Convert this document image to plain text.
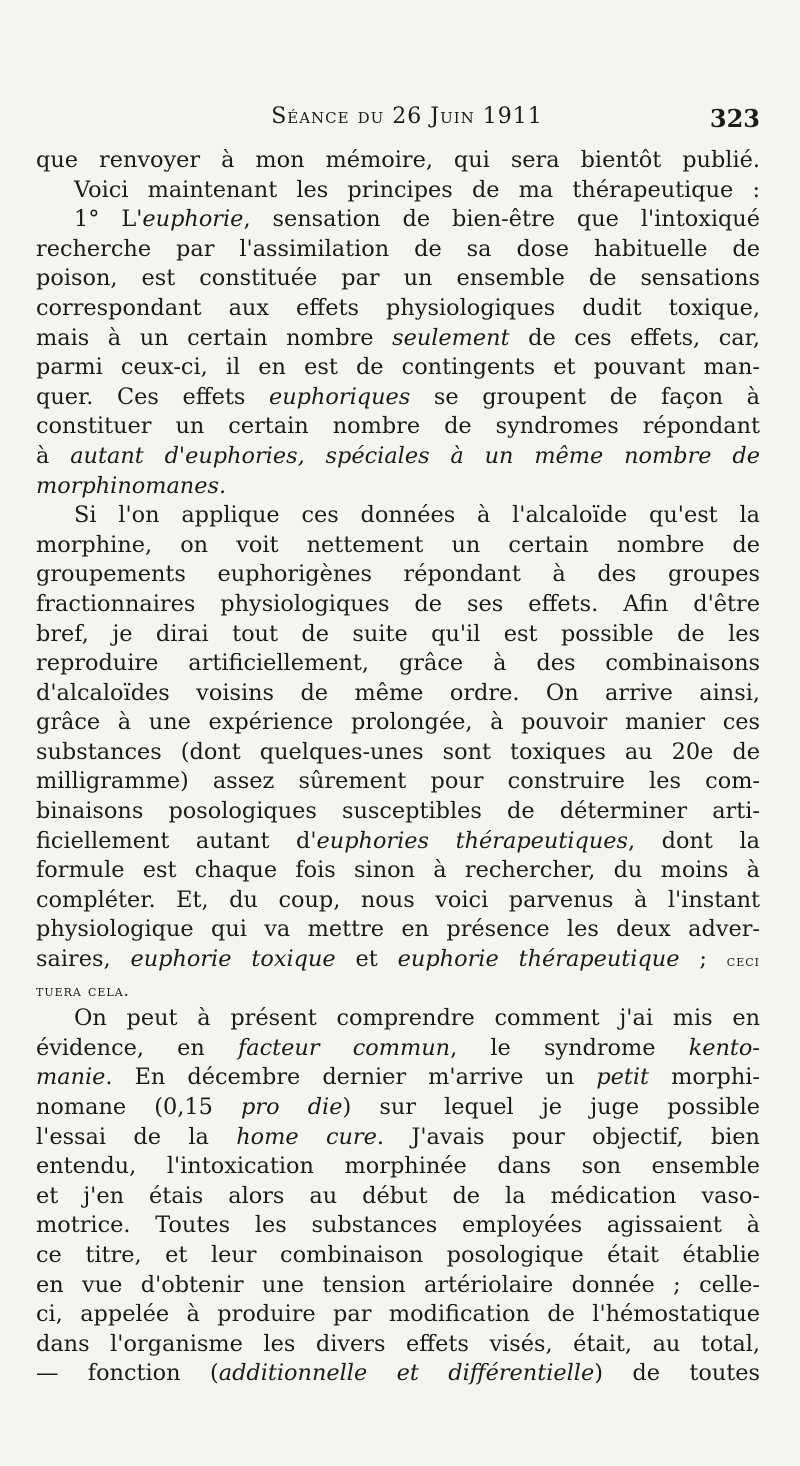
Séance du 26 Juin 1911	323
que renvoyer à mon mémoire, qui sera bientôt publié.
Voici maintenant les principes de ma thérapeutique :
1° L'euphorie, sensation de bien-être que l'intoxiqué
recherche par l'assimilation de sa dose habituelle de
poison, est constituée par un ensemble de sensations
correspondant aux effets physiologiques dudit toxique,
mais à un certain nombre seulement de ces effets, car,
parmi ceux-ci, il en est de contingents et pouvant man-
quer. Ces effets euphoriques se groupent de façon à
constituer un certain nombre de syndromes répondant
à autant d'euphories, spéciales à un même nombre de
morphinomanes.
Si l'on applique ces données à l'alcaloïde qu'est la
morphine, on voit nettement un certain nombre de
groupements euphorigènes répondant à des groupes
fractionnaires physiologiques de ses effets. Afin d'être
bref, je dirai tout de suite qu'il est possible de les
reproduire artificiellement, grâce à des combinaisons
d'alcaloïdes voisins de même ordre. On arrive ainsi,
grâce à une expérience prolongée, à pouvoir manier ces
substances (dont quelques-unes sont toxiques au 20e de
milligramme) assez sûrement pour construire les com-
binaisons posologiques susceptibles de déterminer arti-
ficiellement autant d'euphories thérapeutiques, dont la
formule est chaque fois sinon à rechercher, du moins à
compléter. Et, du coup, nous voici parvenus à l'instant
physiologique qui va mettre en présence les deux adver-
saires, euphorie toxique et euphorie thérapeutique ; ceci
tuera cela.
On peut à présent comprendre comment j'ai mis en
évidence, en facteur commun, le syndrome kento-
manie. En décembre dernier m'arrive un petit morphi-
nomane (0,15 pro die) sur lequel je juge possible
l'essai de la home cure. J'avais pour objectif, bien
entendu, l'intoxication morphinée dans son ensemble
et j'en étais alors au début de la médication vaso-
motrice. Toutes les substances employées agissaient à
ce titre, et leur combinaison posologique était établie
en vue d'obtenir une tension artériolaire donnée ; celle-
ci, appelée à produire par modification de l'hémostatique
dans l'organisme les divers effets visés, était, au total,
— fonction (additionnelle et différentielle) de toutes
